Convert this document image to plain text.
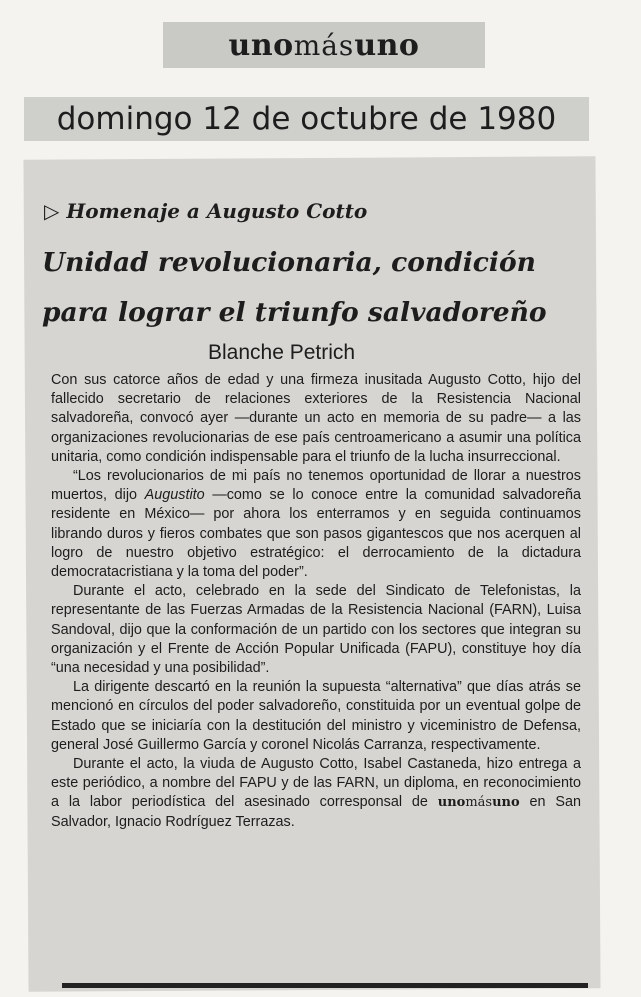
uno más uno
domingo 12 de octubre de 1980
▷ Homenaje a Augusto Cotto
Unidad revolucionaria, condición
para lograr el triunfo salvadoreño
Blanche Petrich

Con sus catorce años de edad y una firmeza inusitada Augusto Cotto, hijo del fallecido secretario de relaciones exteriores de la Resistencia Nacional salvadoreña, convocó ayer —durante un acto en memoria de su padre— a las organizaciones revolucionarias de ese país centroamericano a asumir una política unitaria, como condición indispensable para el triunfo de la lucha insurreccional.

“Los revolucionarios de mi país no tenemos oportunidad de llorar a nuestros muertos, dijo Augustito —como se lo conoce entre la comunidad salvadoreña residente en México— por ahora los enterramos y en seguida continuamos librando duros y fieros combates que son pasos gigantescos que nos acerquen al logro de nuestro objetivo estratégico: el derrocamiento de la dictadura democratacristiana y la toma del poder”.

Durante el acto, celebrado en la sede del Sindicato de Telefonistas, la representante de las Fuerzas Armadas de la Resistencia Nacional (FARN), Luisa Sandoval, dijo que la conformación de un partido con los sectores que integran su organización y el Frente de Acción Popular Unificada (FAPU), constituye hoy día “una necesidad y una posibilidad”.

La dirigente descartó en la reunión la supuesta “alternativa” que días atrás se mencionó en círculos del poder salvadoreño, constituida por un eventual golpe de Estado que se iniciaría con la destitución del ministro y viceministro de Defensa, general José Guillermo García y coronel Nicolás Carranza, respectivamente.

Durante el acto, la viuda de Augusto Cotto, Isabel Castaneda, hizo entrega a este periódico, a nombre del FAPU y de las FARN, un diploma, en reconocimiento a la labor periodística del asesinado corresponsal de unomásuno en San Salvador, Ignacio Rodríguez Terrazas.
